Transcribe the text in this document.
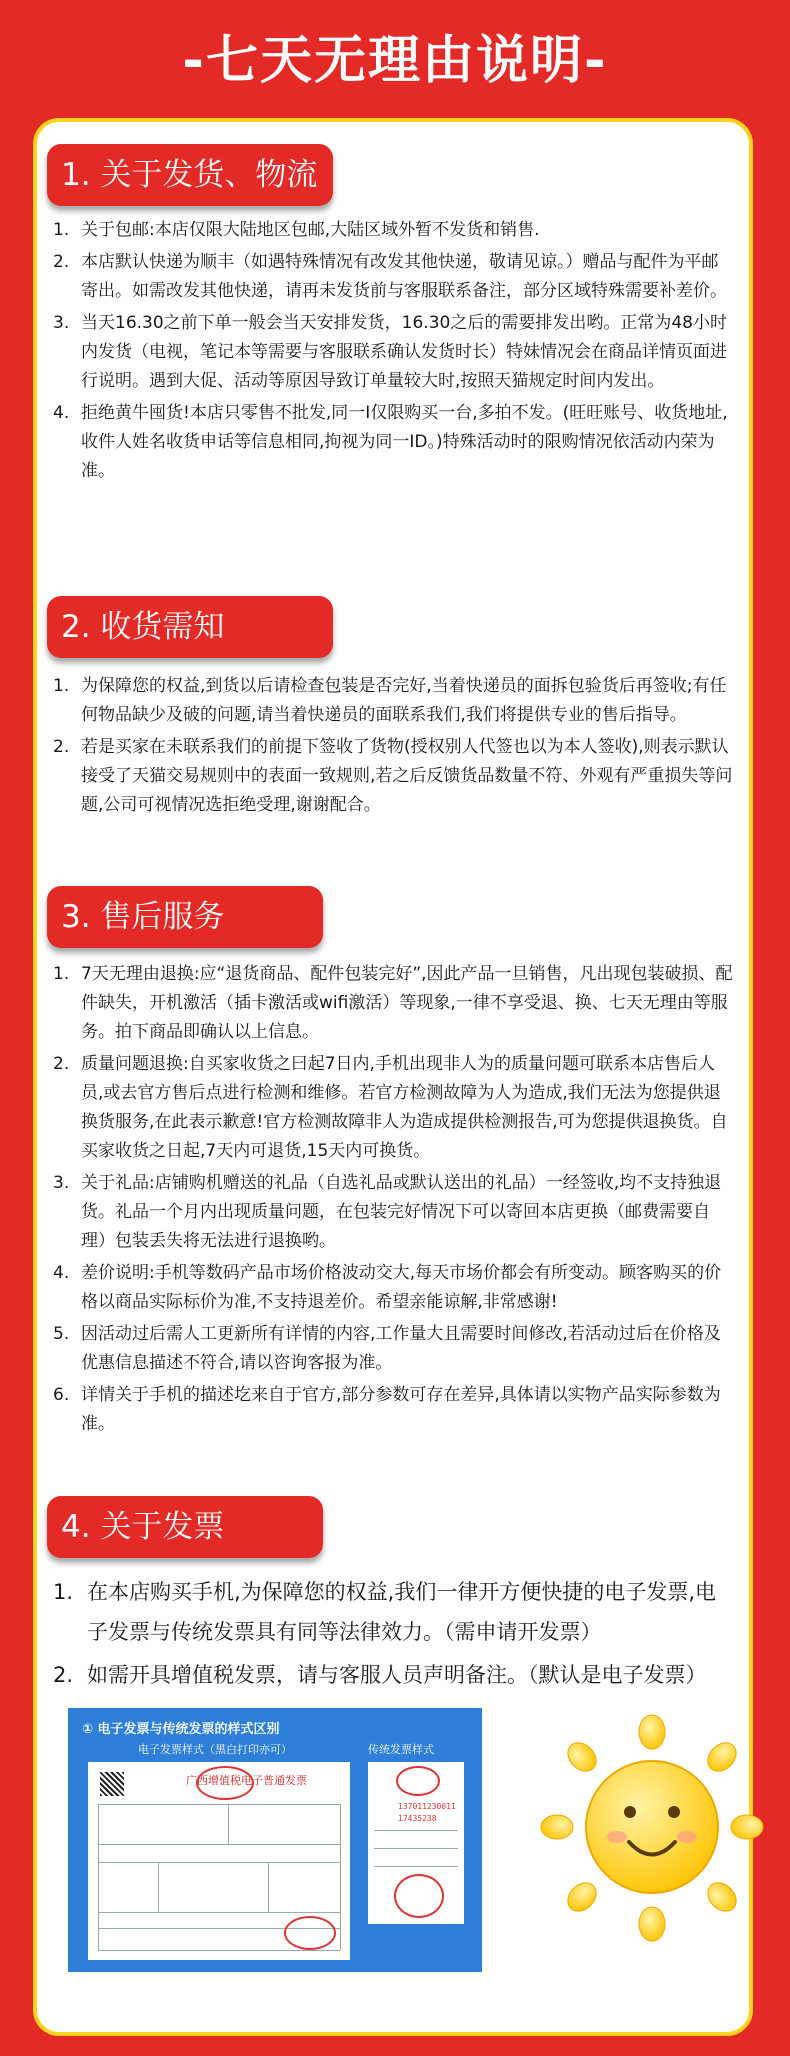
-七天无理由说明-
1. 关于发货、物流
1. 关于包邮:本店仅限大陆地区包邮,大陆区域外暂不发货和销售.
2. 本店默认快递为顺丰（如遇特殊情况有改发其他快递，敬请见谅。）赠品与配件为平邮寄出。如需改发其他快递，请再未发货前与客服联系备注，部分区域特殊需要补差价。
3. 当天16.30之前下单一般会当天安排发货，16.30之后的需要排发出哟。正常为48小时内发货（电视，笔记本等需要与客服联系确认发货时长）特妹情况会在商品详情页面进行说明。遇到大促、活动等原因导致订单量较大时,按照天猫规定时间内发出。
4. 拒绝黄牛囤货!本店只零售不批发,同一I仅限购买一台,多拍不发。(旺旺账号、收货地址,收件人姓名收货申话等信息相同,拘视为同一ID。)特殊活动时的限购情况依活动内荣为准。
2. 收货需知
1. 为保障您的权益,到货以后请检查包装是否完好,当着快递员的面拆包验货后再签收;有任何物品缺少及破的问题,请当着快递员的面联系我们,我们将提供专业的售后指导。
2. 若是买家在未联系我们的前提下签收了货物(授权别人代签也以为本人签收),则表示默认接受了天猫交易规则中的表面一致规则,若之后反馈货品数量不符、外观有严重损失等问题,公司可视情况选拒绝受理,谢谢配合。
3. 售后服务
1. 7天无理由退换:应“退货商品、配件包装完好”,因此产品一旦销售，凡出现包装破损、配件缺失，开机激活（插卡激活或wifi激活）等现象,一律不享受退、换、七天无理由等服务。拍下商品即确认以上信息。
2. 质量问题退换:自买家收货之曰起7日内,手机出现非人为的质量问题可联系本店售后人员,或去官方售后点进行检测和维修。若官方检测故障为人为造成,我们无法为您提供退换货服务,在此表示歉意!官方检测故障非人为造成提供检测报告,可为您提供退换货。自买家收货之日起,7天内可退货,15天内可换货。
3. 关于礼品:店铺购机赠送的礼品（自选礼品或默认送出的礼品）一经签收,均不支持独退货。礼品一个月内出现质量问题，在包装完好情况下可以寄回本店更换（邮费需要自理）包装丢失将无法进行退换哟。
4. 差价说明:手机等数码产品市场价格波动交大,每天市场价都会有所变动。顾客购买的价格以商品实际标价为准,不支持退差价。希望亲能谅解,非常感谢!
5. 因活动过后需人工更新所有详情的内容,工作量大且需要时间修改,若活动过后在价格及优惠信息描述不符合,请以咨询客报为准。
6. 详情关于手机的描述圪来自于官方,部分参数可存在差异,具体请以实物产品实际参数为准。
4. 关于发票
1. 在本店购买手机,为保障您的权益,我们一律开方便快捷的电子发票,电子发票与传统发票具有同等法律效力。（需申请开发票）
2. 如需开具增值税发票，请与客服人员声明备注。（默认是电子发票）
① 电子发票与传统发票的样式区别
电子发票样式（黑白打印亦可）	传统发票样式
广西增值税电子普通发票
137011230011
17435238
